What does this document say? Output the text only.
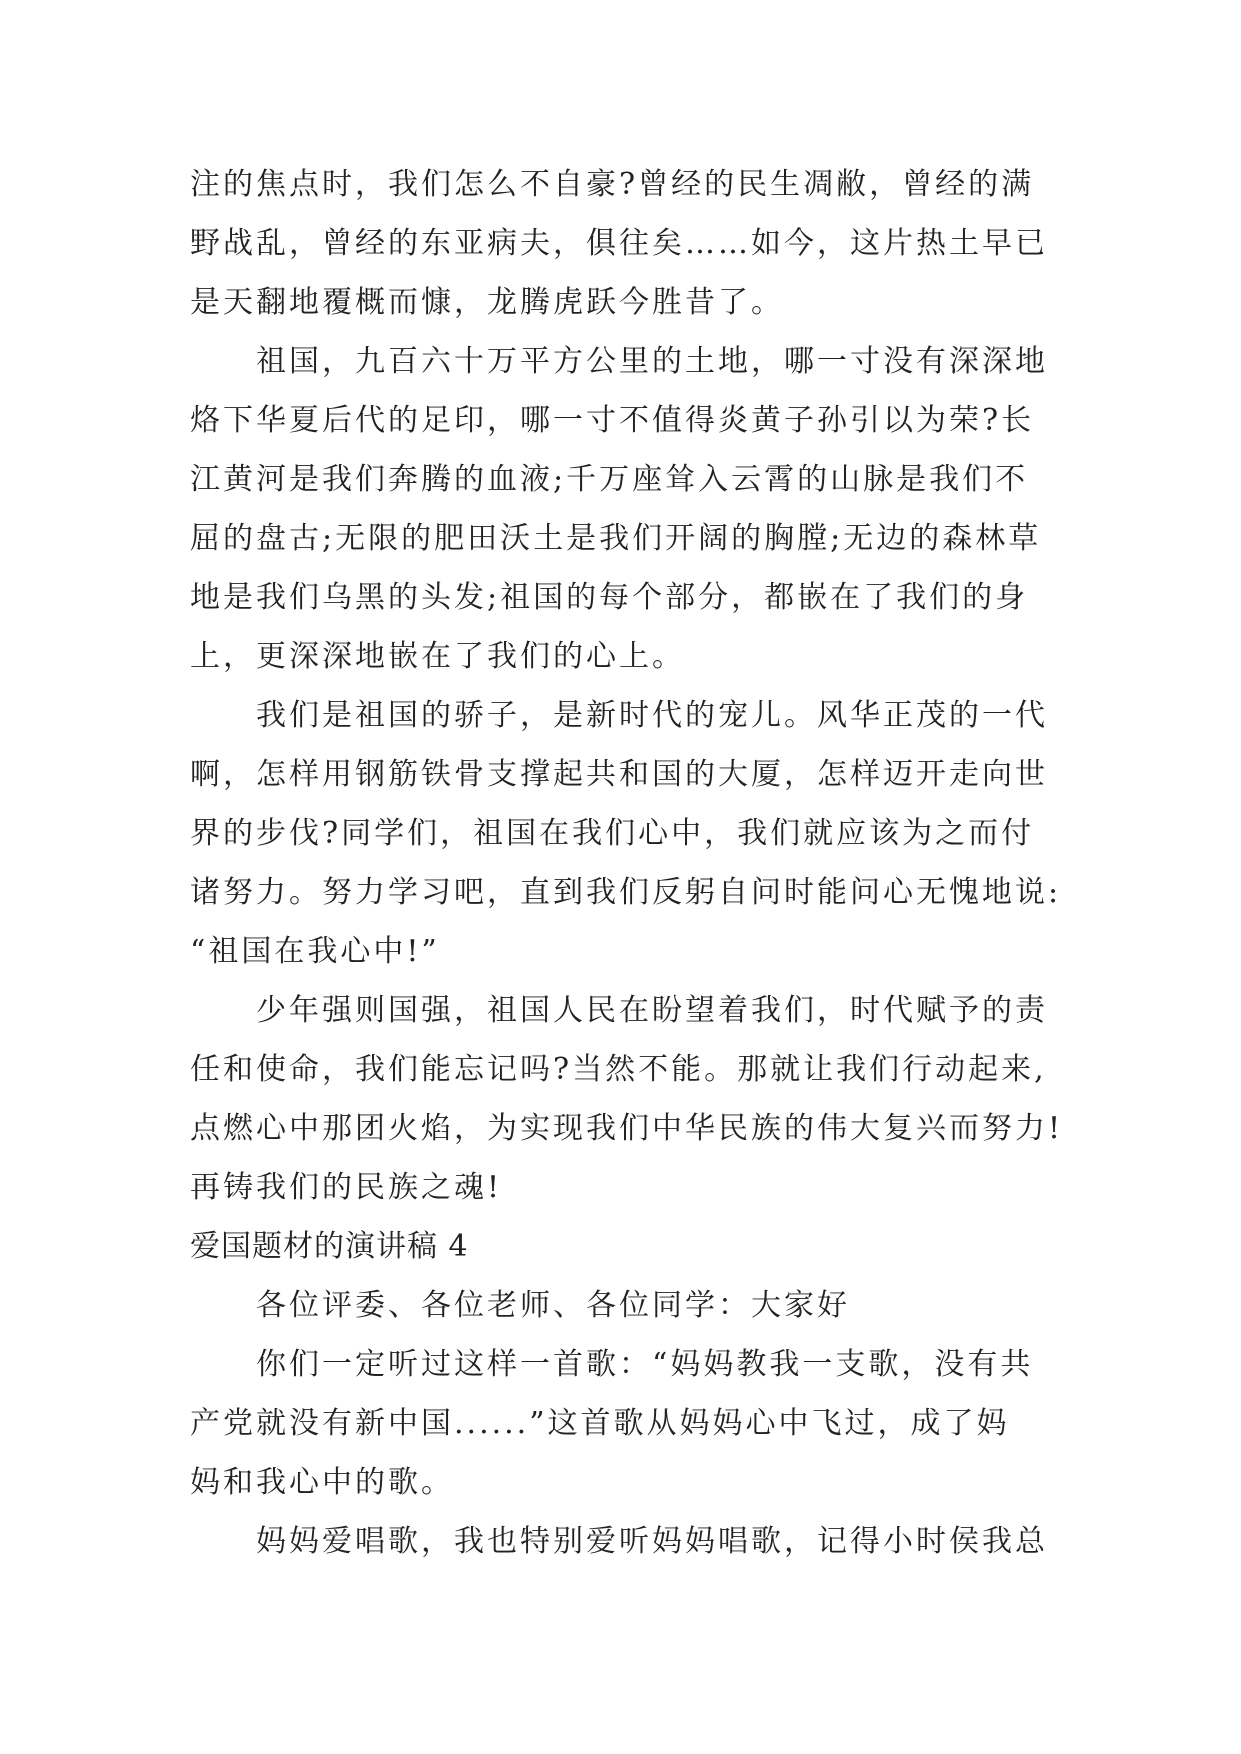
注的焦点时，我们怎么不自豪?曾经的民生凋敝，曾经的满
野战乱，曾经的东亚病夫，俱往矣……如今，这片热土早已
是天翻地覆概而慷，龙腾虎跃今胜昔了。
祖国，九百六十万平方公里的土地，哪一寸没有深深地
烙下华夏后代的足印，哪一寸不值得炎黄子孙引以为荣?长
江黄河是我们奔腾的血液;千万座耸入云霄的山脉是我们不
屈的盘古;无限的肥田沃土是我们开阔的胸膛;无边的森林草
地是我们乌黑的头发;祖国的每个部分，都嵌在了我们的身
上，更深深地嵌在了我们的心上。
我们是祖国的骄子，是新时代的宠儿。风华正茂的一代
啊，怎样用钢筋铁骨支撑起共和国的大厦，怎样迈开走向世
界的步伐?同学们，祖国在我们心中，我们就应该为之而付
诸努力。努力学习吧，直到我们反躬自问时能问心无愧地说:
“祖国在我心中!”
少年强则国强，祖国人民在盼望着我们，时代赋予的责
任和使命，我们能忘记吗?当然不能。那就让我们行动起来,
点燃心中那团火焰，为实现我们中华民族的伟大复兴而努力!
再铸我们的民族之魂!
爱国题材的演讲稿 4
各位评委、各位老师、各位同学：大家好
你们一定听过这样一首歌：“妈妈教我一支歌，没有共
产党就没有新中国......”这首歌从妈妈心中飞过，成了妈
妈和我心中的歌。
妈妈爱唱歌，我也特别爱听妈妈唱歌，记得小时侯我总
